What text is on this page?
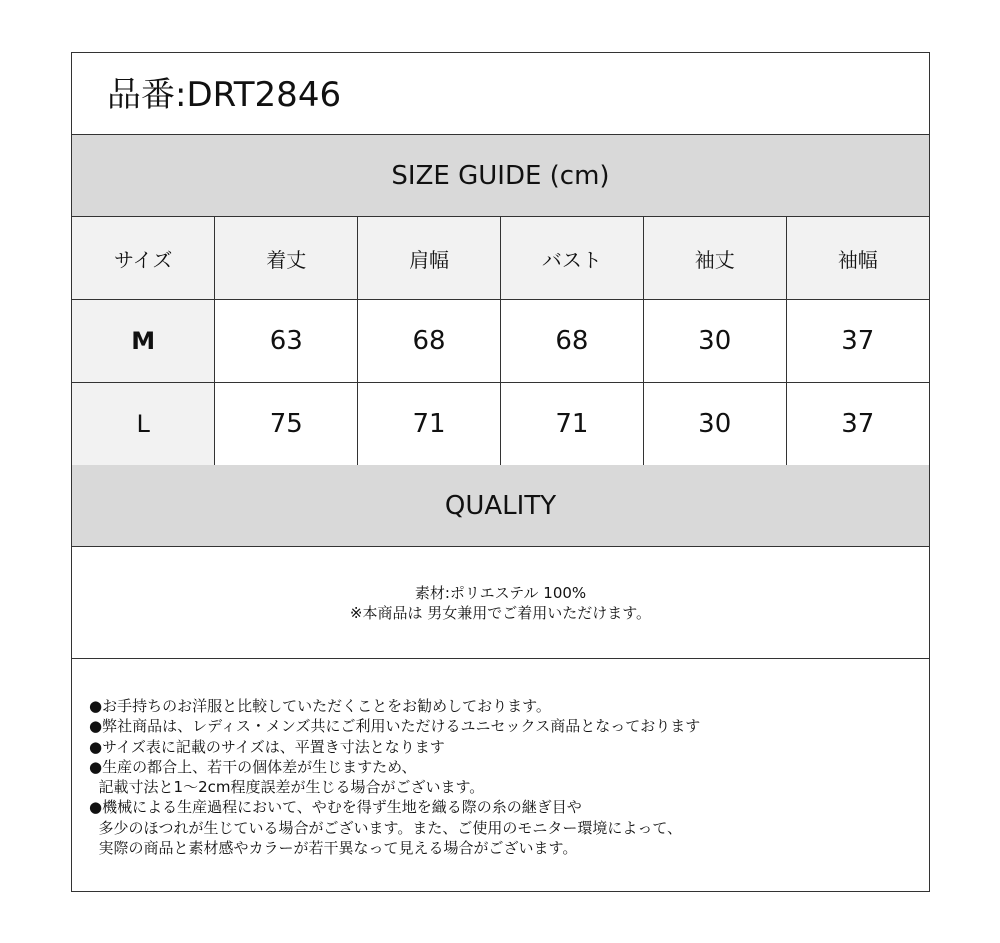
品番:DRT2846
SIZE GUIDE (cm)
サイズ	着丈	肩幅	バスト	袖丈	袖幅
M	63	68	68	30	37
L	75	71	71	30	37
QUALITY
素材:ポリエステル 100%
※本商品は 男女兼用でご着用いただけます。
●お手持ちのお洋服と比較していただくことをお勧めしております。
●弊社商品は、レディス・メンズ共にご利用いただけるユニセックス商品となっております
●サイズ表に記載のサイズは、平置き寸法となります
●生産の都合上、若干の個体差が生じますため、
記載寸法と1～2cm程度誤差が生じる場合がございます。
●機械による生産過程において、やむを得ず生地を織る際の糸の継ぎ目や
多少のほつれが生じている場合がございます。また、ご使用のモニター環境によって、
実際の商品と素材感やカラーが若干異なって見える場合がございます。
